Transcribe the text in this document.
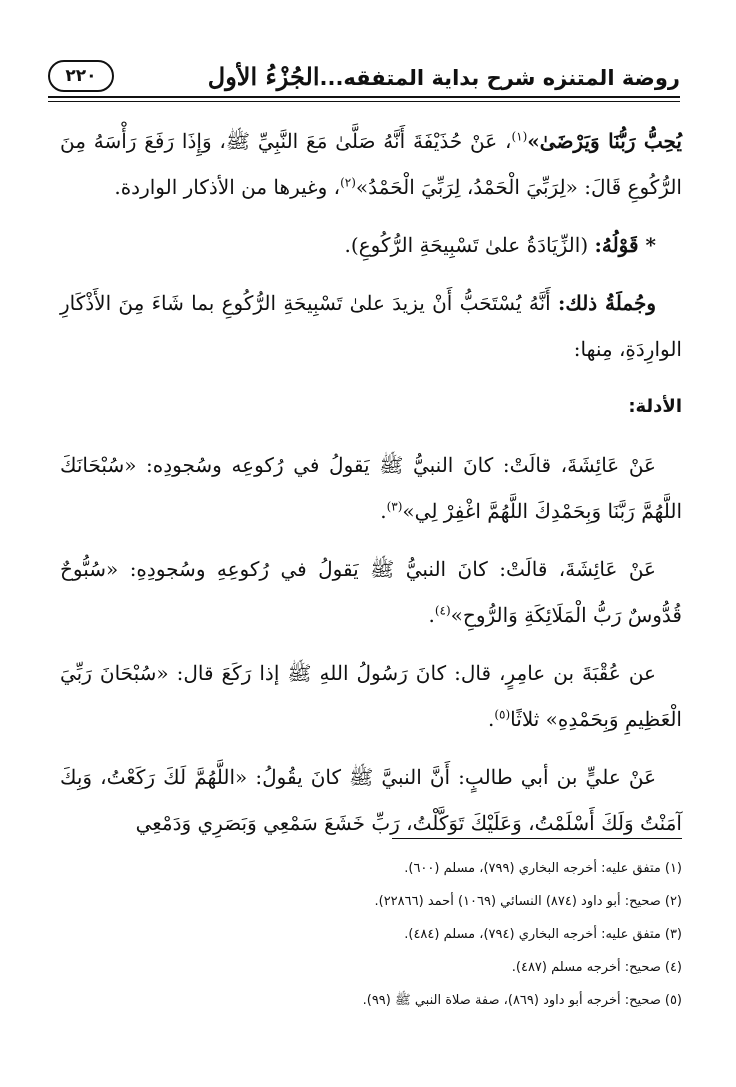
روضة المتنزه شرح بداية المتفقه...الجُزْءُ الأول
٢٢٠

يُحِبُّ رَبُّنَا وَيَرْضَىٰ»$^{(١)}$، عَنْ حُذَيْفَةَ أَنَّهُ صَلَّىٰ مَعَ النَّبِيِّ ﷺ، وَإِذَا رَفَعَ رَأْسَهُ مِنَ الرُّكُوعِ قَالَ: «لِرَبِّيَ الْحَمْدُ، لِرَبِّيَ الْحَمْدُ»$^{(٢)}$، وغيرها من الأذكار الواردة.

* قَوْلُهُ: (الزِّيَادَةُ علىٰ تَسْبِيحَةِ الرُّكُوعِ).

وجُملَةُ ذلك: أَنَّهُ يُسْتَحَبُّ أَنْ يزيدَ علىٰ تَسْبِيحَةِ الرُّكُوعِ بما شَاءَ مِنَ الأَذْكَارِ الوارِدَةِ، مِنها:

الأدلة:

عَنْ عَائِشَةَ، قالَتْ: كانَ النبيُّ ﷺ يَقولُ في رُكوعِه وسُجودِه: «سُبْحَانَكَ اللَّهُمَّ رَبَّنَا وَبِحَمْدِكَ اللَّهُمَّ اغْفِرْ لِي»$^{(٣)}$.

عَنْ عَائِشَةَ، قالَتْ: كانَ النبيُّ ﷺ يَقولُ في رُكوعِهِ وسُجودِهِ: «سُبُّوحٌ قُدُّوسٌ رَبُّ الْمَلَائِكَةِ وَالرُّوحِ»$^{(٤)}$.

عن عُقْبَةَ بن عامِرٍ، قال: كانَ رَسُولُ اللهِ ﷺ إذا رَكَعَ قال: «سُبْحَانَ رَبِّيَ الْعَظِيمِ وَبِحَمْدِهِ» ثلاثًا$^{(٥)}$.

عَنْ عليٍّ بن أبي طالبٍ: أَنَّ النبيَّ ﷺ كانَ يقُولُ: «اللَّهُمَّ لَكَ رَكَعْتُ، وَبِكَ آمَنْتُ وَلَكَ أَسْلَمْتُ، وَعَلَيْكَ تَوَكَّلْتُ، رَبِّ خَشَعَ سَمْعِي وَبَصَرِي وَدَمْعِي

(١)متفق عليه: أخرجه البخاري (٧٩٩)، مسلم (٦٠٠).
(٢)صحيح: أبو داود (٨٧٤) النسائي (١٠٦٩) أحمد (٢٢٨٦٦).
(٣)متفق عليه: أخرجه البخاري (٧٩٤)، مسلم (٤٨٤).
(٤)صحيح: أخرجه مسلم (٤٨٧).
(٥)صحيح: أخرجه أبو داود (٨٦٩)، صفة صلاة النبي ﷺ (٩٩).
